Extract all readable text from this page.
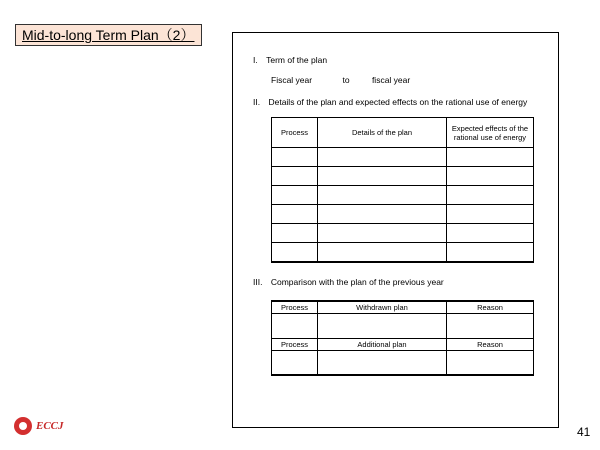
Mid-to-long Term Plan（2）
I. Term of the plan
Fiscal year	to	fiscal year
II. Details of the plan and expected effects on the rational use of energy
Process	Details of the plan	Expected effects of the rational use of energy

III. Comparison with the plan of the previous year
Process	Withdrawn plan	Reason

Process	Additional plan	Reason

ECCJ	41
